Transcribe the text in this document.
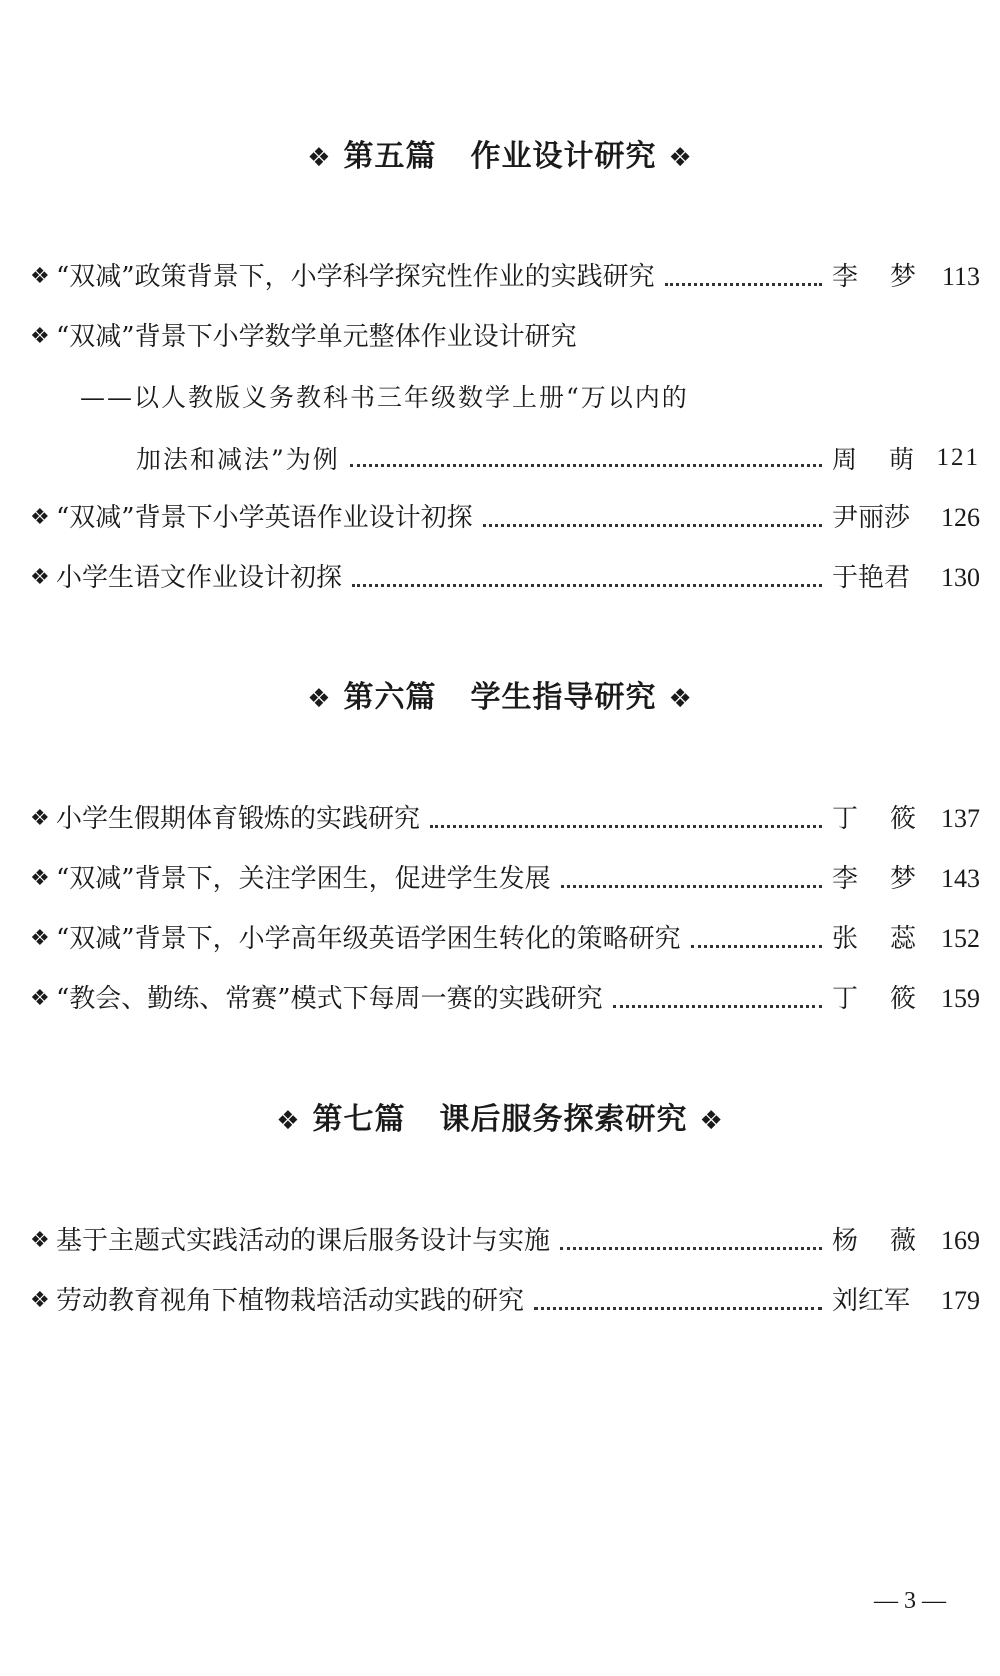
❖ 第五篇 作业设计研究 ❖
❖ “双减”政策背景下，小学科学探究性作业的实践研究	李 梦 113
❖ “双减”背景下小学数学单元整体作业设计研究
——以人教版义务教科书三年级数学上册“万以内的
加法和减法”为例	周 萌 121
❖ “双减”背景下小学英语作业设计初探	尹丽莎	126
❖ 小学生语文作业设计初探	于艳君	130
❖ 第六篇 学生指导研究 ❖
❖ 小学生假期体育锻炼的实践研究	丁 筱 137
❖ “双减”背景下，关注学困生，促进学生发展	李 梦 143
❖ “双减”背景下，小学高年级英语学困生转化的策略研究	张 蕊 152
❖ “教会、勤练、常赛”模式下每周一赛的实践研究	丁 筱 159
❖ 第七篇 课后服务探索研究 ❖
❖ 基于主题式实践活动的课后服务设计与实施	杨 薇 169
❖ 劳动教育视角下植物栽培活动实践的研究	刘红军	179
— 3 —
